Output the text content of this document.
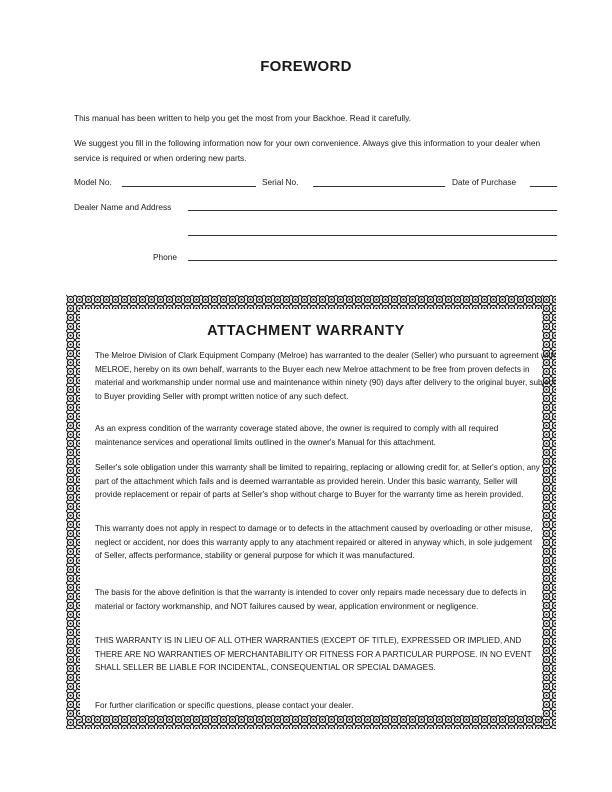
FOREWORD

This manual has been written to help you get the most from your Backhoe. Read it carefully.

We suggest you fill in the following information now for your own convenience. Always give this information to your dealer when service is required or when ordering new parts.

Model No.	Serial No.	Date of Purchase
Dealer Name and Address
Phone
ATTACHMENT WARRANTY

The Melroe Division of Clark Equipment Company (Melroe) has warranted to the dealer (Seller) who pursuant to agreement with MELROE, hereby on its own behalf, warrants to the Buyer each new Melroe attachment to be free from proven defects in material and workmanship under normal use and maintenance within ninety (90) days after delivery to the original buyer, subject to Buyer providing Seller with prompt written notice of any such defect.

As an express condition of the warranty coverage stated above, the owner is required to comply with all required maintenance services and operational limits outlined in the owner's Manual for this attachment.

Seller's sole obligation under this warranty shall be limited to repairing, replacing or allowing credit for, at Seller's option, any part of the attachment which fails and is deemed warrantable as provided herein. Under this basic warranty, Seller will provide replacement or repair of parts at Seller's shop without charge to Buyer for the warranty time as herein provided.

This warranty does not apply in respect to damage or to defects in the attachment caused by overloading or other misuse, neglect or accident, nor does this warranty apply to any atachment repaired or altered in anyway which, in sole judgement of Seller, affects performance, stability or general purpose for which it was manufactured.

The basis for the above definition is that the warranty is intended to cover only repairs made necessary due to defects in material or factory workmanship, and NOT failures caused by wear, application environment or negligence.

THIS WARRANTY IS IN LIEU OF ALL OTHER WARRANTIES (EXCEPT OF TITLE), EXPRESSED OR IMPLIED, AND THERE ARE NO WARRANTIES OF MERCHANTABILITY OR FITNESS FOR A PARTICULAR PURPOSE. IN NO EVENT SHALL SELLER BE LIABLE FOR INCIDENTAL, CONSEQUENTIAL OR SPECIAL DAMAGES.

For further clarification or specific questions, please contact your dealer.
